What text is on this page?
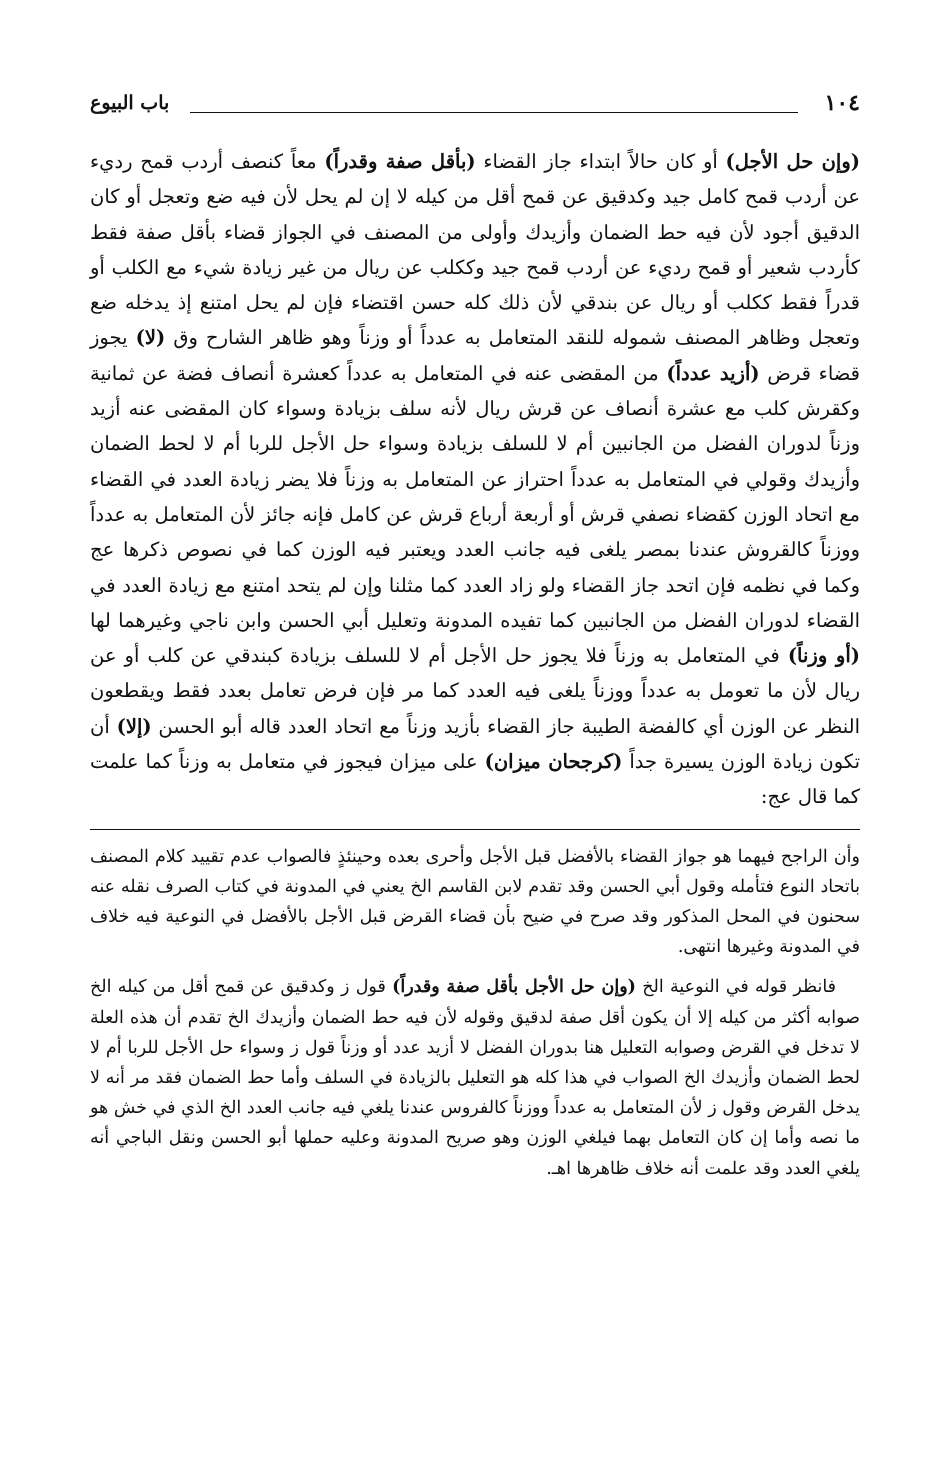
١٠٤
باب البيوع

(وإن حل الأجل) أو كان حالاً ابتداء جاز القضاء (بأقل صفة وقدراً) معاً كنصف أردب قمح رديء عن أردب قمح كامل جيد وكدقيق عن قمح أقل من كيله لا إن لم يحل لأن فيه ضع وتعجل أو كان الدقيق أجود لأن فيه حط الضمان وأزيدك وأولى من المصنف في الجواز قضاء بأقل صفة فقط كأردب شعير أو قمح رديء عن أردب قمح جيد وككلب عن ريال من غير زيادة شيء مع الكلب أو قدراً فقط ككلب أو ريال عن بندقي لأن ذلك كله حسن اقتضاء فإن لم يحل امتنع إذ يدخله ضع وتعجل وظاهر المصنف شموله للنقد المتعامل به عدداً أو وزناً وهو ظاهر الشارح وق (لا) يجوز قضاء قرض (أزيد عدداً) من المقضى عنه في المتعامل به عدداً كعشرة أنصاف فضة عن ثمانية وكقرش كلب مع عشرة أنصاف عن قرش ريال لأنه سلف بزيادة وسواء كان المقضى عنه أزيد وزناً لدوران الفضل من الجانبين أم لا للسلف بزيادة وسواء حل الأجل للربا أم لا لحط الضمان وأزيدك وقولي في المتعامل به عدداً احتراز عن المتعامل به وزناً فلا يضر زيادة العدد في القضاء مع اتحاد الوزن كقضاء نصفي قرش أو أربعة أرباع قرش عن كامل فإنه جائز لأن المتعامل به عدداً ووزناً كالقروش عندنا بمصر يلغى فيه جانب العدد ويعتبر فيه الوزن كما في نصوص ذكرها عج وكما في نظمه فإن اتحد جاز القضاء ولو زاد العدد كما مثلنا وإن لم يتحد امتنع مع زيادة العدد في القضاء لدوران الفضل من الجانبين كما تفيده المدونة وتعليل أبي الحسن وابن ناجي وغيرهما لها (أو وزناً) في المتعامل به وزناً فلا يجوز حل الأجل أم لا للسلف بزيادة كبندقي عن كلب أو عن ريال لأن ما تعومل به عدداً ووزناً يلغى فيه العدد كما مر فإن فرض تعامل بعدد فقط ويقطعون النظر عن الوزن أي كالفضة الطيبة جاز القضاء بأزيد وزناً مع اتحاد العدد قاله أبو الحسن (إلا) أن تكون زيادة الوزن يسيرة جداً (كرجحان ميزان) على ميزان فيجوز في متعامل به وزناً كما علمت كما قال عج:

وأن الراجح فيهما هو جواز القضاء بالأفضل قبل الأجل وأحرى بعده وحينئذٍ فالصواب عدم تقييد كلام المصنف باتحاد النوع فتأمله وقول أبي الحسن وقد تقدم لابن القاسم الخ يعني في المدونة في كتاب الصرف نقله عنه سحنون في المحل المذكور وقد صرح في ضيح بأن قضاء القرض قبل الأجل بالأفضل في النوعية فيه خلاف في المدونة وغيرها انتهى.

فانظر قوله في النوعية الخ (وإن حل الأجل بأقل صفة وقدراً) قول ز وكدقيق عن قمح أقل من كيله الخ صوابه أكثر من كيله إلا أن يكون أقل صفة لدقيق وقوله لأن فيه حط الضمان وأزيدك الخ تقدم أن هذه العلة لا تدخل في القرض وصوابه التعليل هنا بدوران الفضل لا أزيد عدد أو وزناً قول ز وسواء حل الأجل للربا أم لا لحط الضمان وأزيدك الخ الصواب في هذا كله هو التعليل بالزيادة في السلف وأما حط الضمان فقد مر أنه لا يدخل القرض وقول ز لأن المتعامل به عدداً ووزناً كالفروس عندنا يلغي فيه جانب العدد الخ الذي في خش هو ما نصه وأما إن كان التعامل بهما فيلغي الوزن وهو صريح المدونة وعليه حملها أبو الحسن ونقل الباجي أنه يلغي العدد وقد علمت أنه خلاف ظاهرها اهـ.
